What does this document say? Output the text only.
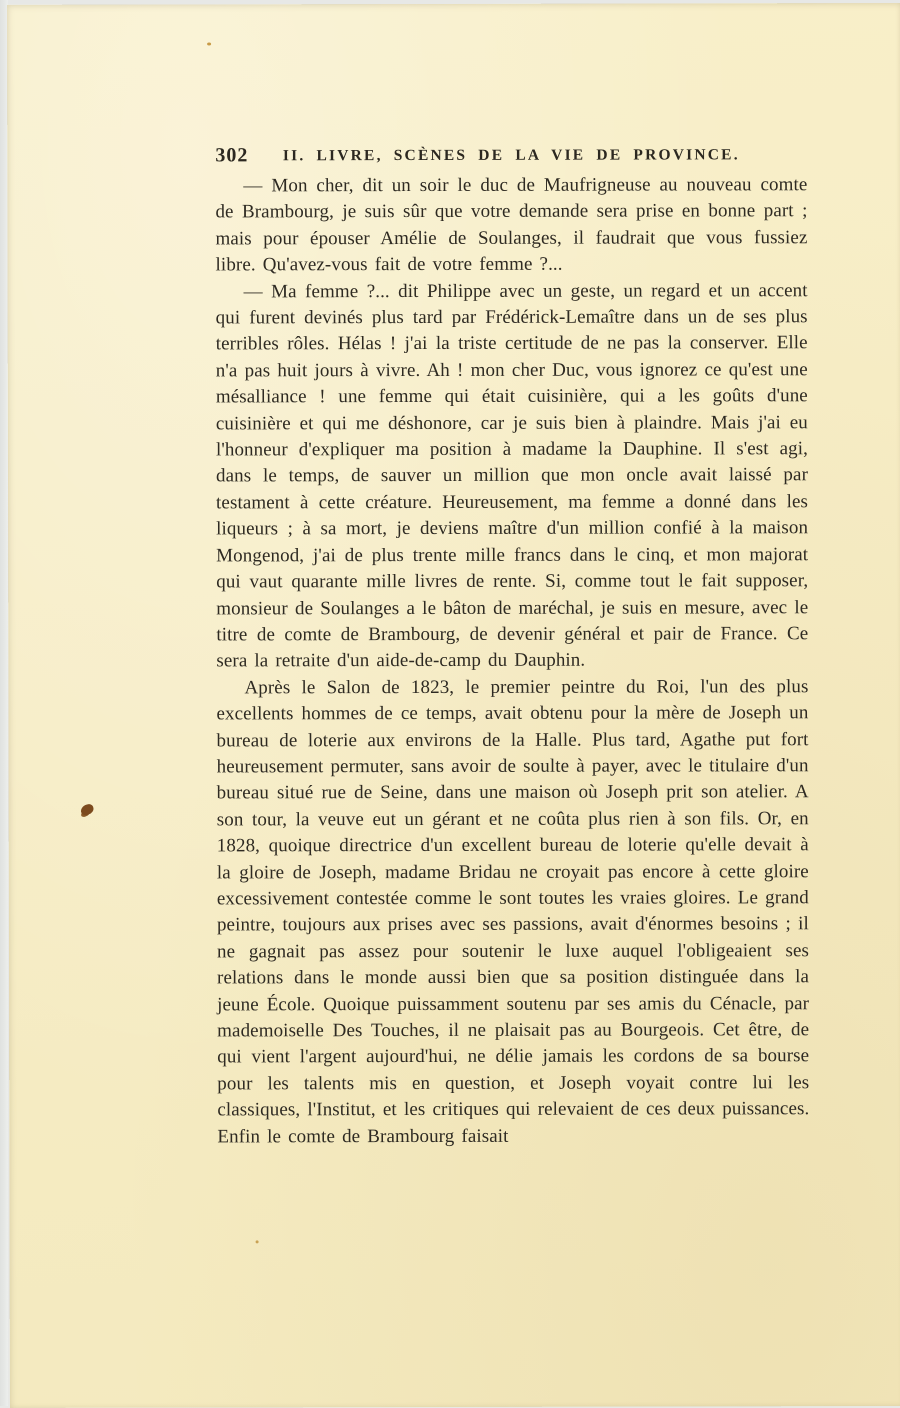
302 II. LIVRE, SCÈNES DE LA VIE DE PROVINCE.

— Mon cher, dit un soir le duc de Maufrigneuse au nouveau comte de Brambourg, je suis sûr que votre demande sera prise en bonne part ; mais pour épouser Amélie de Soulanges, il faudrait que vous fussiez libre. Qu'avez-vous fait de votre femme ?...

— Ma femme ?... dit Philippe avec un geste, un regard et un accent qui furent devinés plus tard par Frédérick-Lemaître dans un de ses plus terribles rôles. Hélas ! j'ai la triste certitude de ne pas la conserver. Elle n'a pas huit jours à vivre. Ah ! mon cher Duc, vous ignorez ce qu'est une mésalliance ! une femme qui était cuisinière, qui a les goûts d'une cuisinière et qui me déshonore, car je suis bien à plaindre. Mais j'ai eu l'honneur d'expliquer ma position à madame la Dauphine. Il s'est agi, dans le temps, de sauver un million que mon oncle avait laissé par testament à cette créature. Heureusement, ma femme a donné dans les liqueurs ; à sa mort, je deviens maître d'un million confié à la maison Mongenod, j'ai de plus trente mille francs dans le cinq, et mon majorat qui vaut quarante mille livres de rente. Si, comme tout le fait supposer, monsieur de Soulanges a le bâton de maréchal, je suis en mesure, avec le titre de comte de Brambourg, de devenir général et pair de France. Ce sera la retraite d'un aide-de-camp du Dauphin.

Après le Salon de 1823, le premier peintre du Roi, l'un des plus excellents hommes de ce temps, avait obtenu pour la mère de Joseph un bureau de loterie aux environs de la Halle. Plus tard, Agathe put fort heureusement permuter, sans avoir de soulte à payer, avec le titulaire d'un bureau situé rue de Seine, dans une maison où Joseph prit son atelier. A son tour, la veuve eut un gérant et ne coûta plus rien à son fils. Or, en 1828, quoique directrice d'un excellent bureau de loterie qu'elle devait à la gloire de Joseph, madame Bridau ne croyait pas encore à cette gloire excessivement contestée comme le sont toutes les vraies gloires. Le grand peintre, toujours aux prises avec ses passions, avait d'énormes besoins ; il ne gagnait pas assez pour soutenir le luxe auquel l'obligeaient ses relations dans le monde aussi bien que sa position distinguée dans la jeune École. Quoique puissamment soutenu par ses amis du Cénacle, par mademoiselle Des Touches, il ne plaisait pas au Bourgeois. Cet être, de qui vient l'argent aujourd'hui, ne délie jamais les cordons de sa bourse pour les talents mis en question, et Joseph voyait contre lui les classiques, l'Institut, et les critiques qui relevaient de ces deux puissances. Enfin le comte de Brambourg faisait
